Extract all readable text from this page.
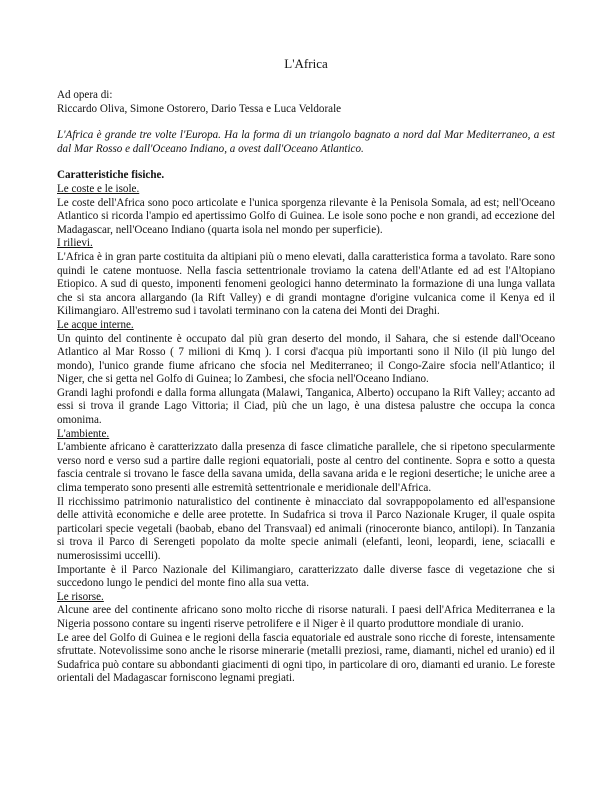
L'Africa

Ad opera di:

Riccardo Oliva, Simone Ostorero, Dario Tessa e Luca Veldorale

L'Africa è grande tre volte l'Europa. Ha la forma di un triangolo bagnato a nord dal Mar Mediterraneo, a est dal Mar Rosso e dall'Oceano Indiano, a ovest dall'Oceano Atlantico.

Caratteristiche fisiche.

Le coste e le isole.

Le coste dell'Africa sono poco articolate e l'unica sporgenza rilevante è la Penisola Somala, ad est; nell'Oceano Atlantico si ricorda l'ampio ed apertissimo Golfo di Guinea. Le isole sono poche e non grandi, ad eccezione del Madagascar, nell'Oceano Indiano (quarta isola nel mondo per superficie).

I rilievi.

L'Africa è in gran parte costituita da altipiani più o meno elevati, dalla caratteristica forma a tavolato. Rare sono quindi le catene montuose. Nella fascia settentrionale troviamo la catena dell'Atlante ed ad est l'Altopiano Etiopico. A sud di questo, imponenti fenomeni geologici hanno determinato la formazione di una lunga vallata che si sta ancora allargando (la Rift Valley) e di grandi montagne d'origine vulcanica come il Kenya ed il Kilimangiaro. All'estremo sud i tavolati terminano con la catena dei Monti dei Draghi.

Le acque interne.

Un quinto del continente è occupato dal più gran deserto del mondo, il Sahara, che si estende dall'Oceano Atlantico al Mar Rosso ( 7 milioni di Kmq ). I corsi d'acqua più importanti sono il Nilo (il più lungo del mondo), l'unico grande fiume africano che sfocia nel Mediterraneo; il Congo-Zaire sfocia nell'Atlantico; il Niger, che si getta nel Golfo di Guinea; lo Zambesi, che sfocia nell'Oceano Indiano.

Grandi laghi profondi e dalla forma allungata (Malawi, Tanganica, Alberto) occupano la Rift Valley; accanto ad essi si trova il grande Lago Vittoria; il Ciad, più che un lago, è una distesa palustre che occupa la conca omonima.

L'ambiente.

L'ambiente africano è caratterizzato dalla presenza di fasce climatiche parallele, che si ripetono specularmente verso nord e verso sud a partire dalle regioni equatoriali, poste al centro del continente. Sopra e sotto a questa fascia centrale si trovano le fasce della savana umida, della savana arida e le regioni desertiche; le uniche aree a clima temperato sono presenti alle estremità settentrionale e meridionale dell'Africa.

Il ricchissimo patrimonio naturalistico del continente è minacciato dal sovrappopolamento ed all'espansione delle attività economiche e delle aree protette. In Sudafrica si trova il Parco Nazionale Kruger, il quale ospita particolari specie vegetali (baobab, ebano del Transvaal) ed animali (rinoceronte bianco, antilopi). In Tanzania si trova il Parco di Serengeti popolato da molte specie animali (elefanti, leoni, leopardi, iene, sciacalli e numerosissimi uccelli).

Importante è il Parco Nazionale del Kilimangiaro, caratterizzato dalle diverse fasce di vegetazione che si succedono lungo le pendici del monte fino alla sua vetta.

Le risorse.

Alcune aree del continente africano sono molto ricche di risorse naturali. I paesi dell'Africa Mediterranea e la Nigeria possono contare su ingenti riserve petrolifere e il Niger è il quarto produttore mondiale di uranio.

Le aree del Golfo di Guinea e le regioni della fascia equatoriale ed australe sono ricche di foreste, intensamente sfruttate. Notevolissime sono anche le risorse minerarie (metalli preziosi, rame, diamanti, nichel ed uranio) ed il Sudafrica può contare su abbondanti giacimenti di ogni tipo, in particolare di oro, diamanti ed uranio. Le foreste orientali del Madagascar forniscono legnami pregiati.
